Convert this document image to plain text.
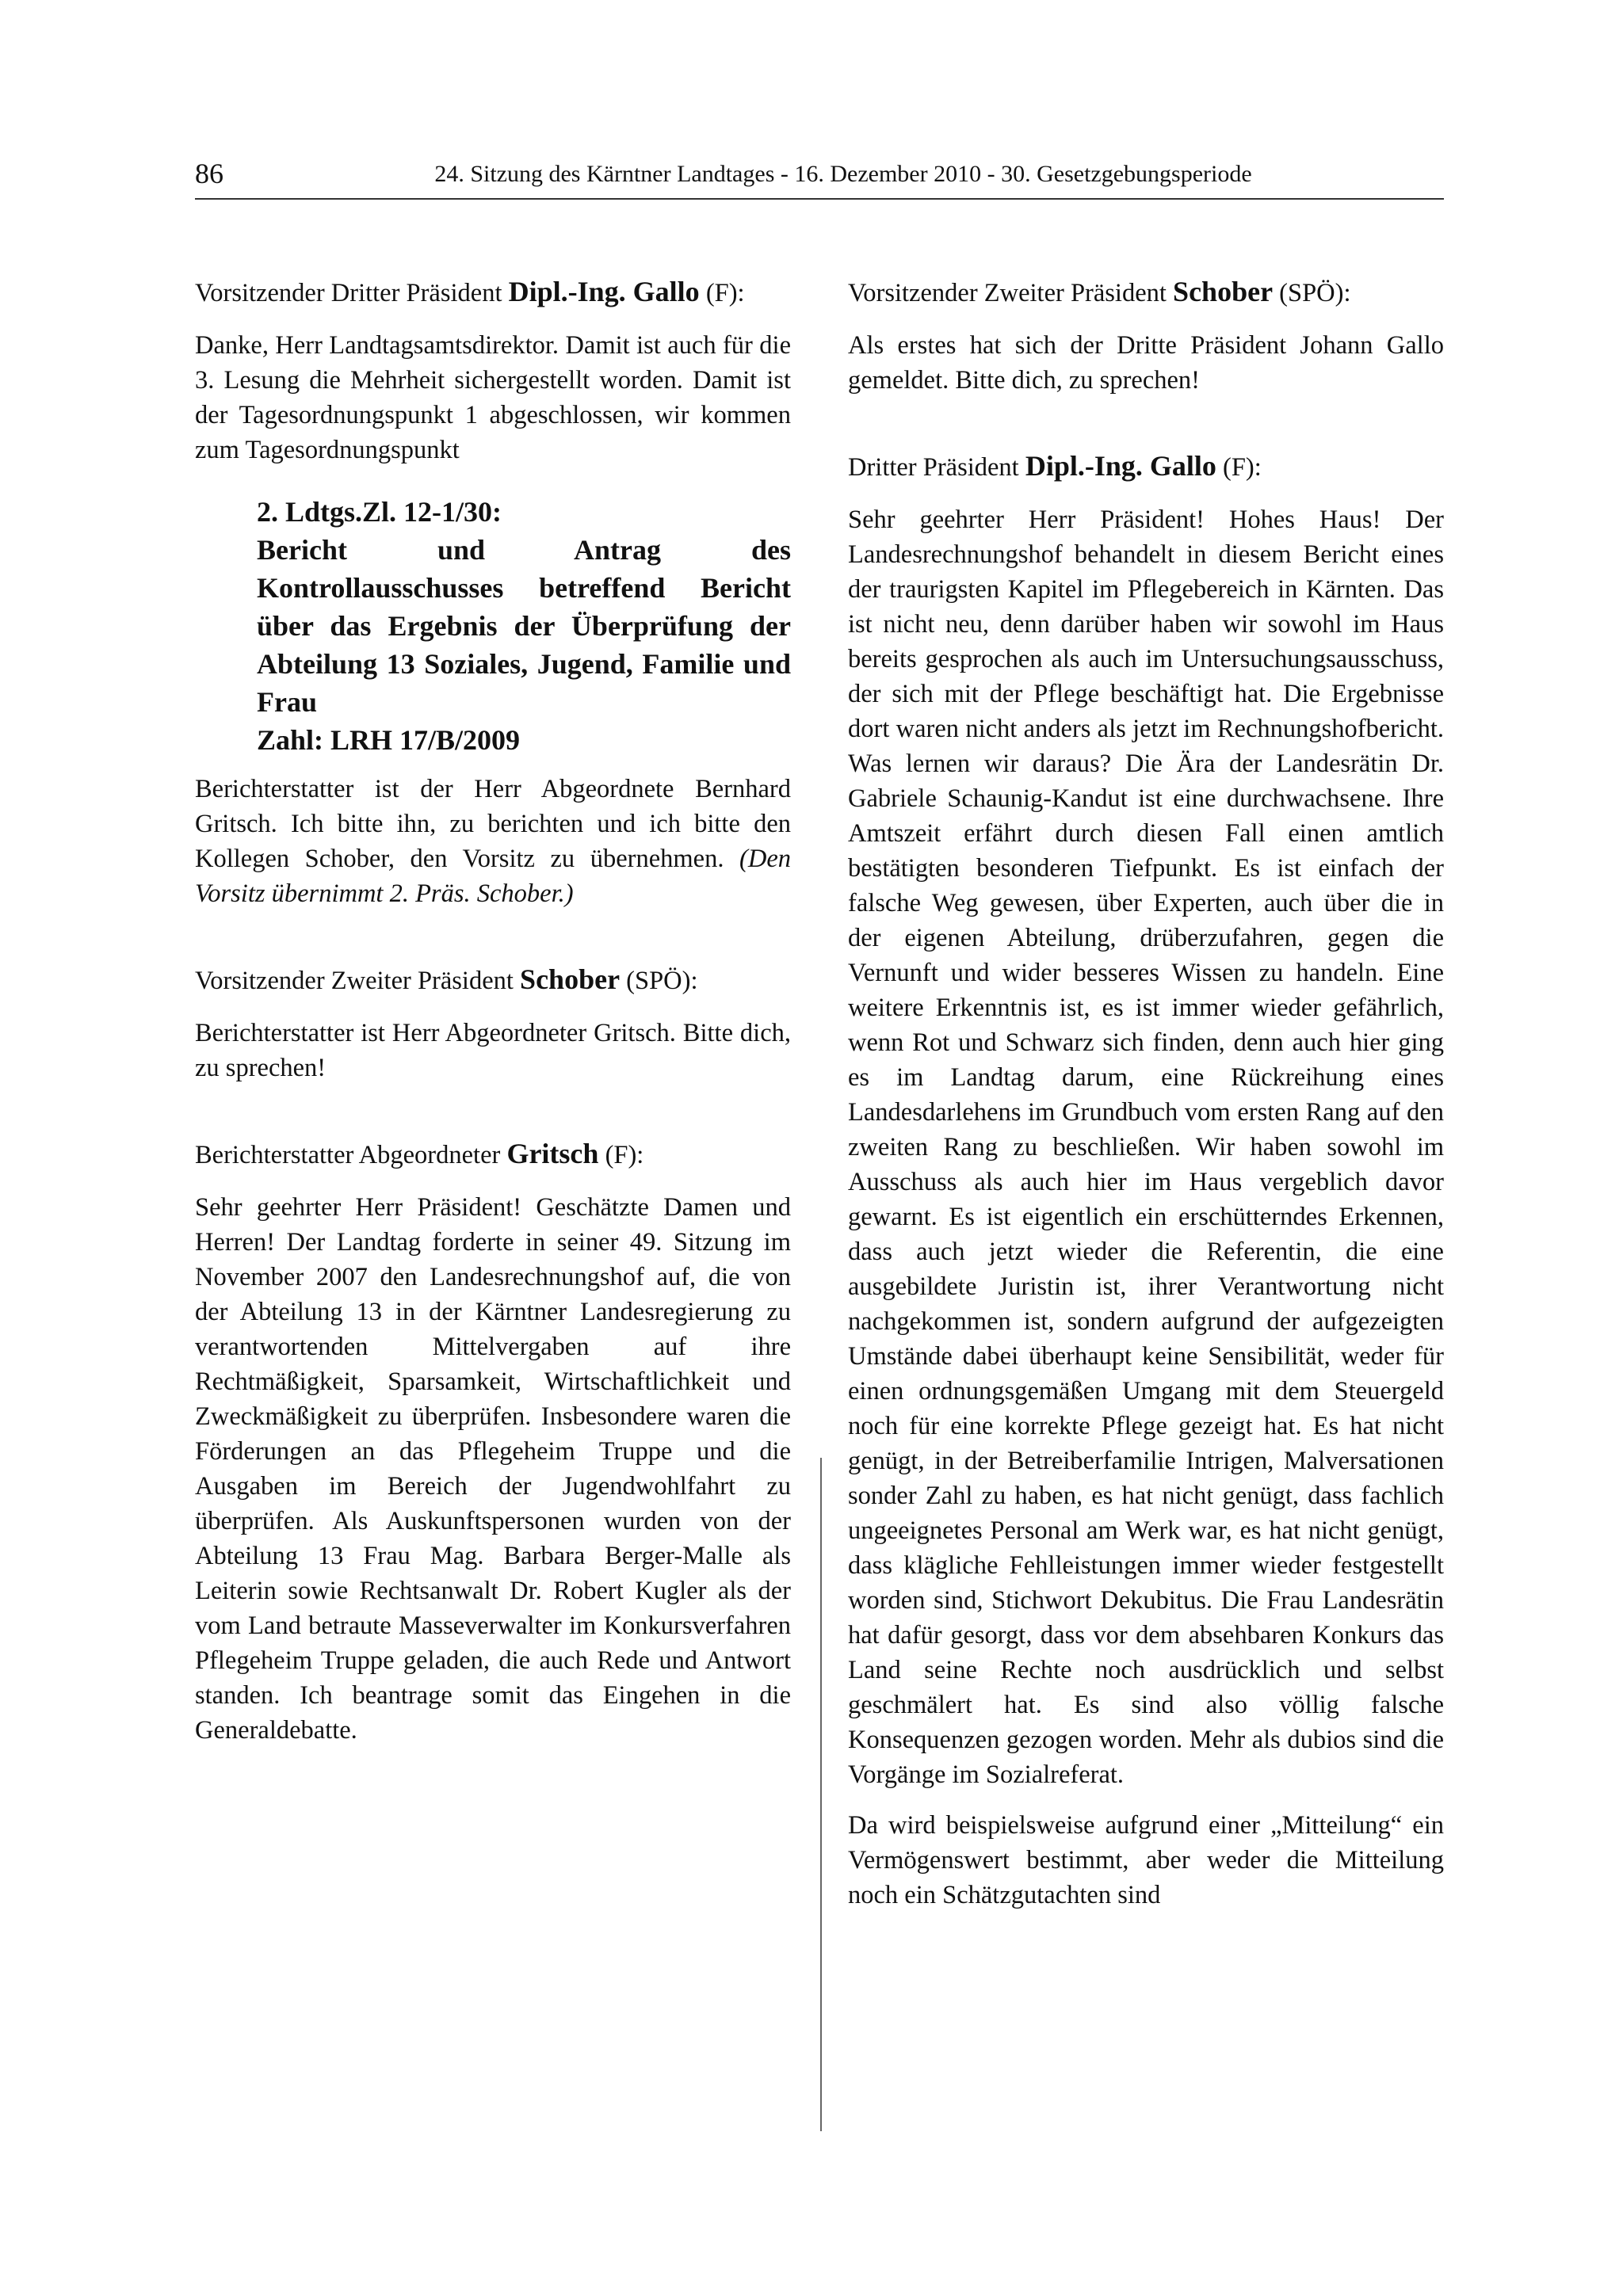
86	24. Sitzung des Kärntner Landtages - 16. Dezember 2010 - 30. Gesetzgebungsperiode

Vorsitzender Dritter Präsident Dipl.-Ing. Gallo (F):

Danke, Herr Landtagsamtsdirektor. Damit ist auch für die 3. Lesung die Mehrheit sichergestellt worden. Damit ist der Tagesordnungspunkt 1 abgeschlossen, wir kommen zum Tagesordnungspunkt

2. Ldtgs.Zl. 12-1/30:
Bericht und Antrag des Kontrollausschusses betreffend Bericht über das Ergebnis der Überprüfung der Abteilung 13 Soziales, Jugend, Familie und Frau
Zahl: LRH 17/B/2009

Berichterstatter ist der Herr Abgeordnete Bernhard Gritsch. Ich bitte ihn, zu berichten und ich bitte den Kollegen Schober, den Vorsitz zu übernehmen. (Den Vorsitz übernimmt 2. Präs. Schober.)

Vorsitzender Zweiter Präsident Schober (SPÖ):

Berichterstatter ist Herr Abgeordneter Gritsch. Bitte dich, zu sprechen!

Berichterstatter Abgeordneter Gritsch (F):

Sehr geehrter Herr Präsident! Geschätzte Damen und Herren! Der Landtag forderte in seiner 49. Sitzung im November 2007 den Landesrechnungshof auf, die von der Abteilung 13 in der Kärntner Landesregierung zu verantwortenden Mittelvergaben auf ihre Rechtmäßigkeit, Sparsamkeit, Wirtschaftlichkeit und Zweckmäßigkeit zu überprüfen. Insbesondere waren die Förderungen an das Pflegeheim Truppe und die Ausgaben im Bereich der Jugendwohlfahrt zu überprüfen. Als Auskunftspersonen wurden von der Abteilung 13 Frau Mag. Barbara Berger-Malle als Leiterin sowie Rechtsanwalt Dr. Robert Kugler als der vom Land betraute Masseverwalter im Konkursverfahren Pflegeheim Truppe geladen, die auch Rede und Antwort standen. Ich beantrage somit das Eingehen in die Generaldebatte.

Vorsitzender Zweiter Präsident Schober (SPÖ):

Als erstes hat sich der Dritte Präsident Johann Gallo gemeldet. Bitte dich, zu sprechen!

Dritter Präsident Dipl.-Ing. Gallo (F):

Sehr geehrter Herr Präsident! Hohes Haus! Der Landesrechnungshof behandelt in diesem Bericht eines der traurigsten Kapitel im Pflegebereich in Kärnten. Das ist nicht neu, denn darüber haben wir sowohl im Haus bereits gesprochen als auch im Untersuchungsausschuss, der sich mit der Pflege beschäftigt hat. Die Ergebnisse dort waren nicht anders als jetzt im Rechnungshofbericht. Was lernen wir daraus? Die Ära der Landesrätin Dr. Gabriele Schaunig-Kandut ist eine durchwachsene. Ihre Amtszeit erfährt durch diesen Fall einen amtlich bestätigten besonderen Tiefpunkt. Es ist einfach der falsche Weg gewesen, über Experten, auch über die in der eigenen Abteilung, drüberzufahren, gegen die Vernunft und wider besseres Wissen zu handeln. Eine weitere Erkenntnis ist, es ist immer wieder gefährlich, wenn Rot und Schwarz sich finden, denn auch hier ging es im Landtag darum, eine Rückreihung eines Landesdarlehens im Grundbuch vom ersten Rang auf den zweiten Rang zu beschließen. Wir haben sowohl im Ausschuss als auch hier im Haus vergeblich davor gewarnt. Es ist eigentlich ein erschütterndes Erkennen, dass auch jetzt wieder die Referentin, die eine ausgebildete Juristin ist, ihrer Verantwortung nicht nachgekommen ist, sondern aufgrund der aufgezeigten Umstände dabei überhaupt keine Sensibilität, weder für einen ordnungsgemäßen Umgang mit dem Steuergeld noch für eine korrekte Pflege gezeigt hat. Es hat nicht genügt, in der Betreiberfamilie Intrigen, Malversationen sonder Zahl zu haben, es hat nicht genügt, dass fachlich ungeeignetes Personal am Werk war, es hat nicht genügt, dass klägliche Fehlleistungen immer wieder festgestellt worden sind, Stichwort Dekubitus. Die Frau Landesrätin hat dafür gesorgt, dass vor dem absehbaren Konkurs das Land seine Rechte noch ausdrücklich und selbst geschmälert hat. Es sind also völlig falsche Konsequenzen gezogen worden. Mehr als dubios sind die Vorgänge im Sozialreferat.

Da wird beispielsweise aufgrund einer „Mitteilung“ ein Vermögenswert bestimmt, aber weder die Mitteilung noch ein Schätzgutachten sind
